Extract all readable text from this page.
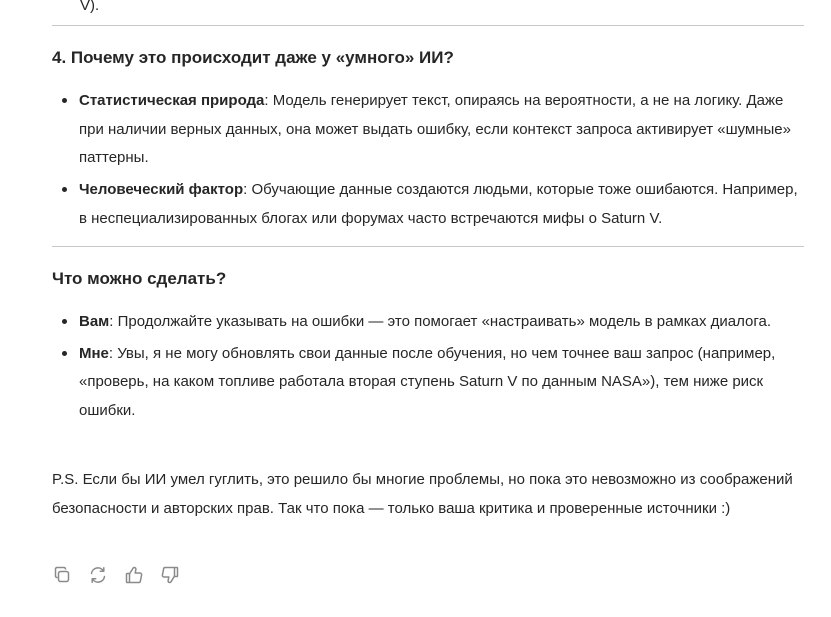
V).
4. Почему это происходит даже у «умного» ИИ?
Статистическая природа: Модель генерирует текст, опираясь на вероятности, а не на логику. Даже при наличии верных данных, она может выдать ошибку, если контекст запроса активирует «шумные» паттерны.
Человеческий фактор: Обучающие данные создаются людьми, которые тоже ошибаются. Например, в неспециализированных блогах или форумах часто встречаются мифы о Saturn V.
Что можно сделать?
Вам: Продолжайте указывать на ошибки — это помогает «настраивать» модель в рамках диалога.
Мне: Увы, я не могу обновлять свои данные после обучения, но чем точнее ваш запрос (например, «проверь, на каком топливе работала вторая ступень Saturn V по данным NASA»), тем ниже риск ошибки.

P.S. Если бы ИИ умел гуглить, это решило бы многие проблемы, но пока это невозможно из соображений безопасности и авторских прав. Так что пока — только ваша критика и проверенные источники :)
